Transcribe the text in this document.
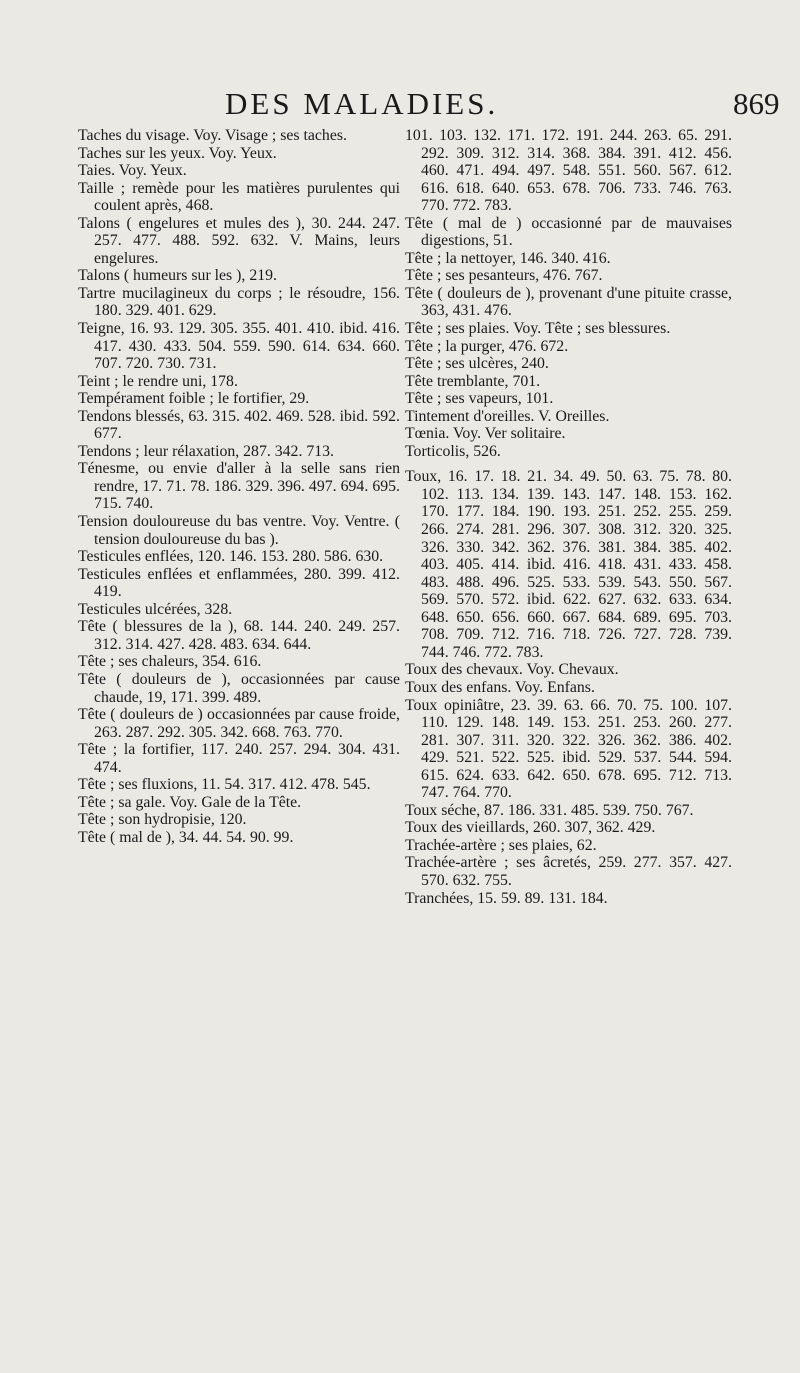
DES MALADIES.	869

Taches du visage. Voy. Visage ; ses taches.

Taches sur les yeux. Voy. Yeux.

Taies. Voy. Yeux.

Taille ; remède pour les matières purulentes qui coulent après, 468.

Talons ( engelures et mules des ), 30. 244. 247. 257. 477. 488. 592. 632. V. Mains, leurs engelures.

Talons ( humeurs sur les ), 219.

Tartre mucilagineux du corps ; le résoudre, 156. 180. 329. 401. 629.

Teigne, 16. 93. 129. 305. 355. 401. 410. ibid. 416. 417. 430. 433. 504. 559. 590. 614. 634. 660. 707. 720. 730. 731.

Teint ; le rendre uni, 178.

Tempérament foible ; le fortifier, 29.

Tendons blessés, 63. 315. 402. 469. 528. ibid. 592. 677.

Tendons ; leur rélaxation, 287. 342. 713.

Ténesme, ou envie d'aller à la selle sans rien rendre, 17. 71. 78. 186. 329. 396. 497. 694. 695. 715. 740.

Tension douloureuse du bas ventre. Voy. Ventre. ( tension douloureuse du bas ).

Testicules enflées, 120. 146. 153. 280. 586. 630.

Testicules enflées et enflammées, 280. 399. 412. 419.

Testicules ulcérées, 328.

Tête ( blessures de la ), 68. 144. 240. 249. 257. 312. 314. 427. 428. 483. 634. 644.

Tête ; ses chaleurs, 354. 616.

Tête ( douleurs de ), occasionnées par cause chaude, 19, 171. 399. 489.

Tête ( douleurs de ) occasionnées par cause froide, 263. 287. 292. 305. 342. 668. 763. 770.

Tête ; la fortifier, 117. 240. 257. 294. 304. 431. 474.

Tête ; ses fluxions, 11. 54. 317. 412. 478. 545.

Tête ; sa gale. Voy. Gale de la Tête.

Tête ; son hydropisie, 120.

Tête ( mal de ), 34. 44. 54. 90. 99.

101. 103. 132. 171. 172. 191. 244. 263. 65. 291. 292. 309. 312. 314. 368. 384. 391. 412. 456. 460. 471. 494. 497. 548. 551. 560. 567. 612. 616. 618. 640. 653. 678. 706. 733. 746. 763. 770. 772. 783.

Tête ( mal de ) occasionné par de mauvaises digestions, 51.

Tête ; la nettoyer, 146. 340. 416.

Tête ; ses pesanteurs, 476. 767.

Tête ( douleurs de ), provenant d'une pituite crasse, 363, 431. 476.

Tête ; ses plaies. Voy. Tête ; ses blessures.

Tête ; la purger, 476. 672.

Tête ; ses ulcères, 240.

Tête tremblante, 701.

Tête ; ses vapeurs, 101.

Tintement d'oreilles. V. Oreilles.

Tœnia. Voy. Ver solitaire.

Torticolis, 526.

Toux, 16. 17. 18. 21. 34. 49. 50. 63. 75. 78. 80. 102. 113. 134. 139. 143. 147. 148. 153. 162. 170. 177. 184. 190. 193. 251. 252. 255. 259. 266. 274. 281. 296. 307. 308. 312. 320. 325. 326. 330. 342. 362. 376. 381. 384. 385. 402. 403. 405. 414. ibid. 416. 418. 431. 433. 458. 483. 488. 496. 525. 533. 539. 543. 550. 567. 569. 570. 572. ibid. 622. 627. 632. 633. 634. 648. 650. 656. 660. 667. 684. 689. 695. 703. 708. 709. 712. 716. 718. 726. 727. 728. 739. 744. 746. 772. 783.

Toux des chevaux. Voy. Chevaux.

Toux des enfans. Voy. Enfans.

Toux opiniâtre, 23. 39. 63. 66. 70. 75. 100. 107. 110. 129. 148. 149. 153. 251. 253. 260. 277. 281. 307. 311. 320. 322. 326. 362. 386. 402. 429. 521. 522. 525. ibid. 529. 537. 544. 594. 615. 624. 633. 642. 650. 678. 695. 712. 713. 747. 764. 770.

Toux séche, 87. 186. 331. 485. 539. 750. 767.

Toux des vieillards, 260. 307, 362. 429.

Trachée-artère ; ses plaies, 62.

Trachée-artère ; ses âcretés, 259. 277. 357. 427. 570. 632. 755.

Tranchées, 15. 59. 89. 131. 184.
